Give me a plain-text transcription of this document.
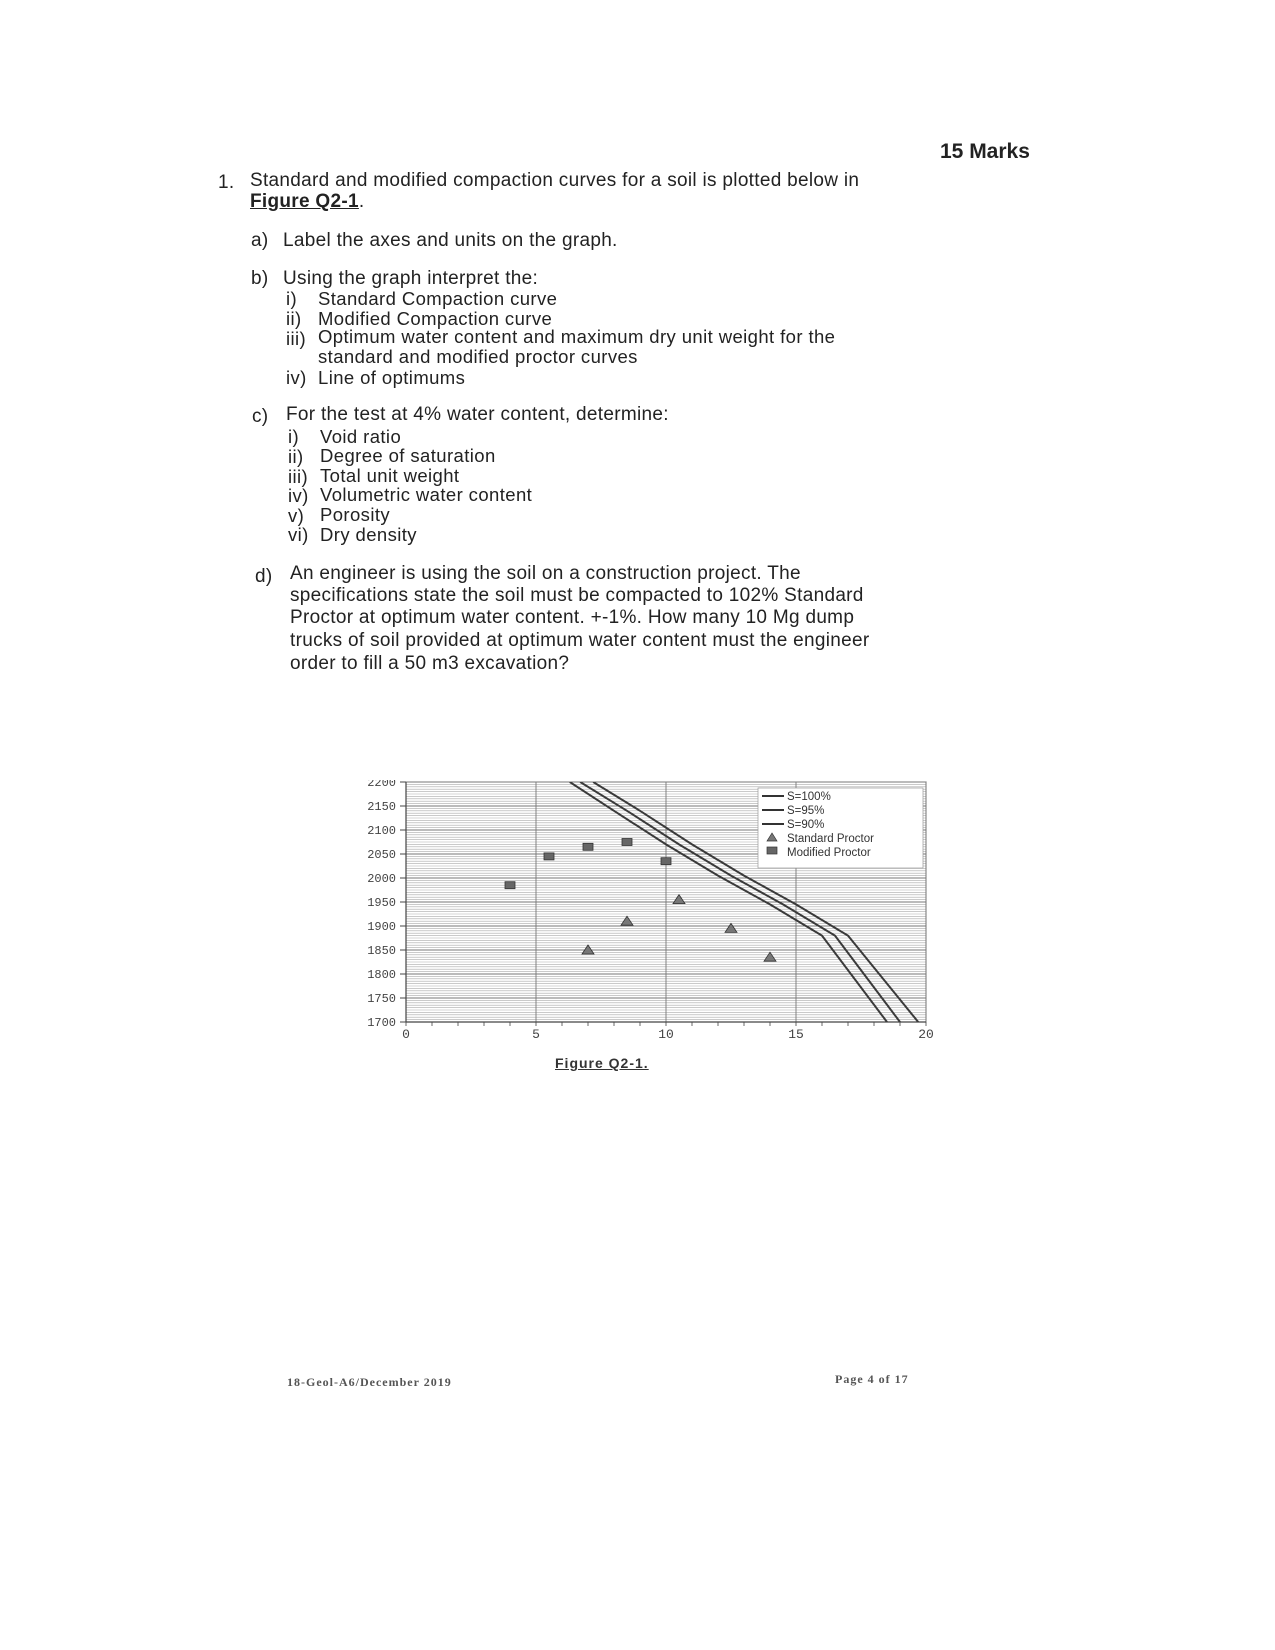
15 Marks
1. Standard and modified compaction curves for a soil is plotted below in
Figure Q2-1.
a) Label the axes and units on the graph.
b) Using the graph interpret the:
i) Standard Compaction curve
ii) Modified Compaction curve
iii) Optimum water content and maximum dry unit weight for the
standard and modified proctor curves
iv) Line of optimums
c) For the test at 4% water content, determine:
i) Void ratio
ii) Degree of saturation
iii) Total unit weight
iv) Volumetric water content
v) Porosity
vi) Dry density
d) An engineer is using the soil on a construction project. The
specifications state the soil must be compacted to 102% Standard
Proctor at optimum water content. +-1%. How many 10 Mg dump
trucks of soil provided at optimum water content must the engineer
order to fill a 50 m3 excavation?
S=100%
S=95%
S=90%
Standard Proctor
Modified Proctor
1700
1750
1800
1850
1900
1950
2000
2050
2100
2150
2200
0	5	10	15	20
Figure Q2-1.
18-Geol-A6/December 2019	Page 4 of 17
